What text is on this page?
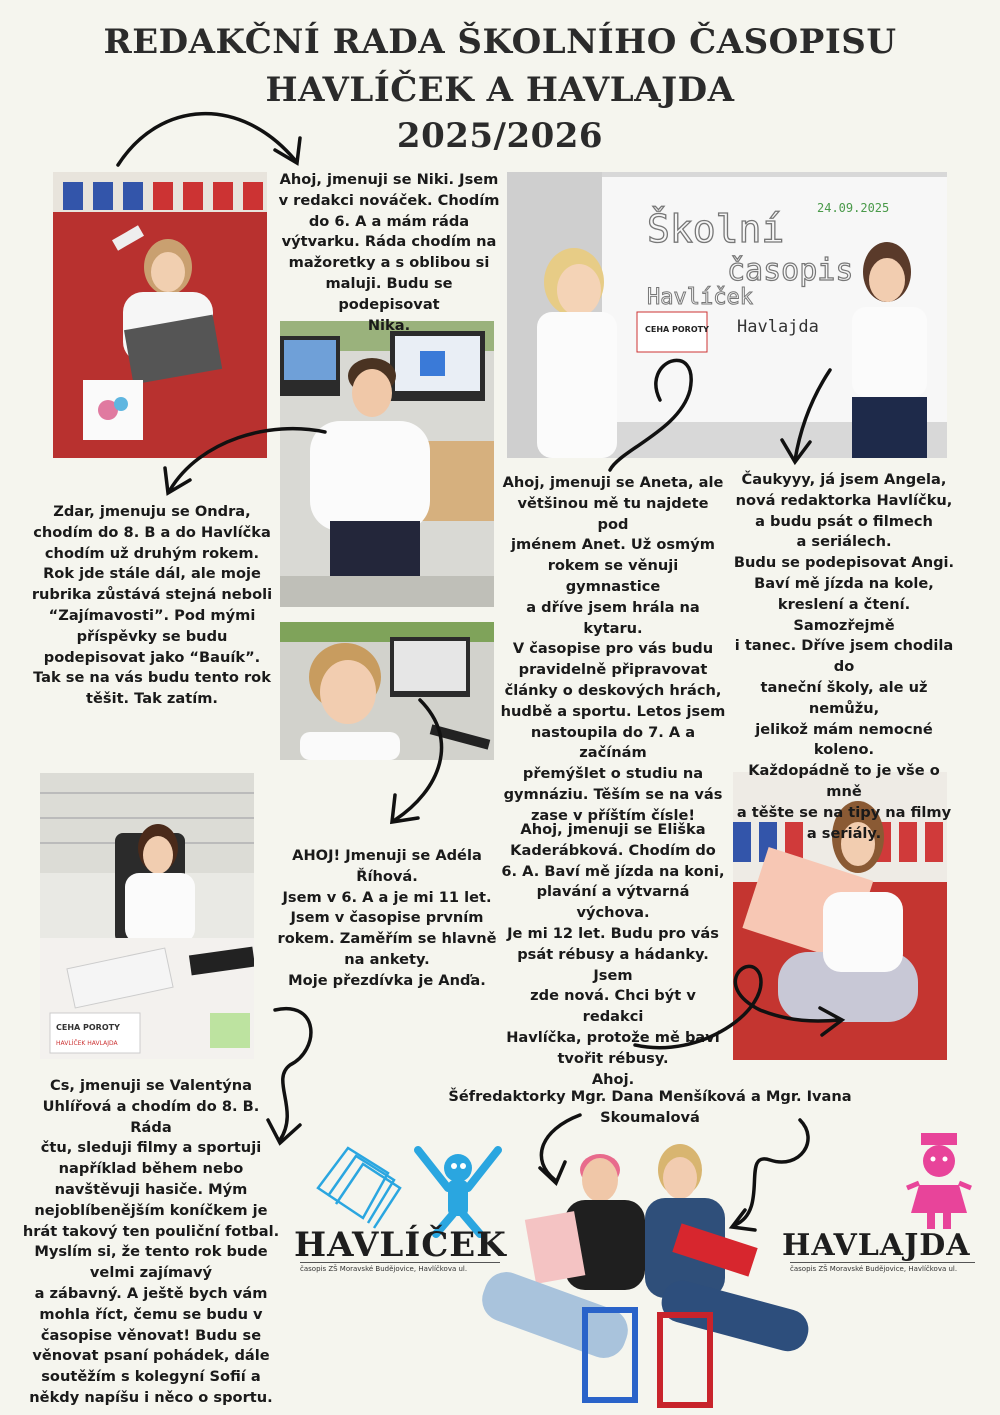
REDAKČNÍ RADA ŠKOLNÍHO ČASOPISU
HAVLÍČEK A HAVLAJDA
2025/2026
Školní
časopis
Havlíček
Havlajda
24.09.2025
CEHA POROTY
CEHA POROTY
HAVLÍČEK HAVLAJDA
Ahoj, jmenuji se Niki. Jsem
v redakci nováček. Chodím
do 6. A a mám ráda
výtvarku. Ráda chodím na
mažoretky a s oblibou si
maluji. Budu se podepisovat
Nika.
Zdar, jmenuju se Ondra,
chodím do 8. B a do Havlíčka
chodím už druhým rokem.
Rok jde stále dál, ale moje
rubrika zůstává stejná neboli
“Zajímavosti”. Pod mými
příspěvky se budu
podepisovat jako “Bauík”.
Tak se na vás budu tento rok
těšit. Tak zatím.
Ahoj, jmenuji se Aneta, ale
většinou mě tu najdete pod
jménem Anet. Už osmým
rokem se věnuji gymnastice
a dříve jsem hrála na kytaru.
V časopise pro vás budu
pravidelně připravovat
články o deskových hrách,
hudbě a sportu. Letos jsem
nastoupila do 7. A a začínám
přemýšlet o studiu na
gymnáziu. Těším se na vás
zase v příštím čísle!
Čaukyyy, já jsem Angela,
nová redaktorka Havlíčku,
a budu psát o filmech
a seriálech.
Budu se podepisovat Angi.
Baví mě jízda na kole,
kreslení a čtení. Samozřejmě
i tanec. Dříve jsem chodila do
taneční školy, ale už nemůžu,
jelikož mám nemocné
koleno.
Každopádně to je vše o mně
a těšte se na tipy na filmy
a seriály.
AHOJ! Jmenuji se Adéla
Říhová.
Jsem v 6. A a je mi 11 let.
Jsem v časopise prvním
rokem. Zaměřím se hlavně
na ankety.
Moje přezdívka je Anďa.
Ahoj, jmenuji se Eliška
Kaderábková. Chodím do
6. A. Baví mě jízda na koni,
plavání a výtvarná výchova.
Je mi 12 let. Budu pro vás
psát rébusy a hádanky. Jsem
zde nová. Chci být v redakci
Havlíčka, protože mě baví
tvořit rébusy.
Ahoj.
Cs, jmenuji se Valentýna
Uhlířová a chodím do 8. B. Ráda
čtu, sleduji filmy a sportuji
například během nebo
navštěvuji hasiče. Mým
nejoblíbenějším koníčkem je
hrát takový ten pouliční fotbal.
Myslím si, že tento rok bude
velmi zajímavý
a zábavný. A ještě bych vám
mohla říct, čemu se budu v
časopise věnovat! Budu se
věnovat psaní pohádek, dále
soutěžím s kolegyní Sofií a
někdy napíšu i něco o sportu.
Šéfredaktorky Mgr. Dana Menšíková a Mgr. Ivana Skoumalová
HAVLÍČEK
časopis ZŠ Moravské Budějovice, Havlíčkova ul.
HAVLAJDA
časopis ZŠ Moravské Budějovice, Havlíčkova ul.
